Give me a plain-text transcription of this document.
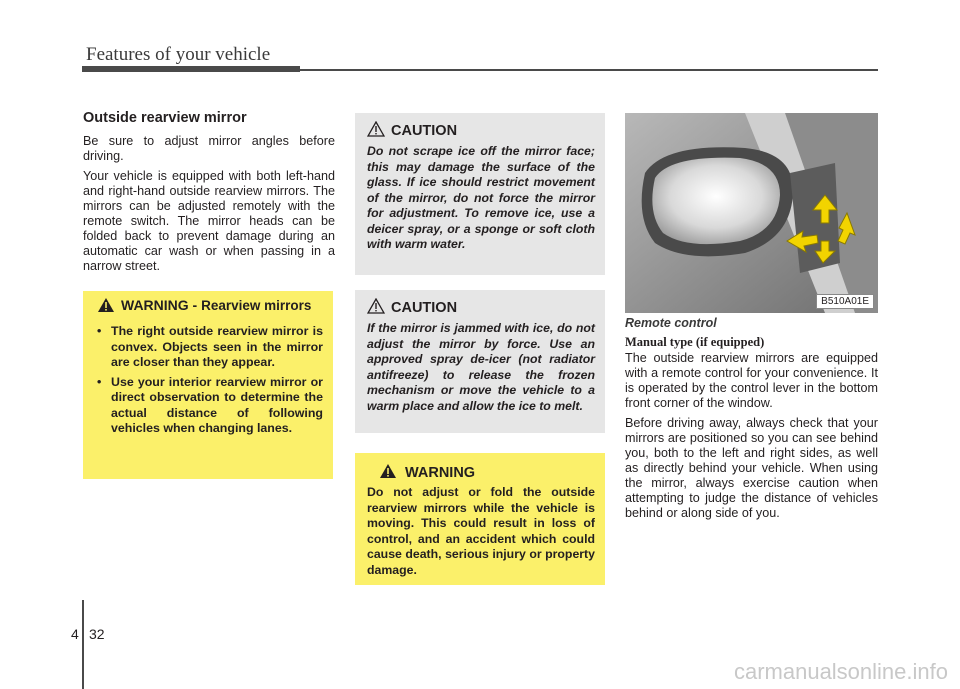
Features of your vehicle

Outside rearview mirror

Be sure to adjust mirror angles before driving.

Your vehicle is equipped with both left-hand and right-hand outside rearview mirrors. The mirrors can be adjusted remotely with the remote switch. The mirror heads can be folded back to prevent damage during an automatic car wash or when passing in a narrow street.

WARNING - Rearview mirrors
• The right outside rearview mirror is convex. Objects seen in the mirror are closer than they appear.
• Use your interior rearview mirror or direct observation to determine the actual distance of following vehicles when changing lanes.
CAUTION
Do not scrape ice off the mirror face; this may damage the surface of the glass. If ice should restrict movement of the mirror, do not force the mirror for adjustment. To remove ice, use a deicer spray, or a sponge or soft cloth with warm water.
CAUTION
If the mirror is jammed with ice, do not adjust the mirror by force. Use an approved spray de-icer (not radiator antifreeze) to release the frozen mechanism or move the vehicle to a warm place and allow the ice to melt.
WARNING
Do not adjust or fold the outside rearview mirrors while the vehicle is moving. This could result in loss of control, and an accident which could cause death, serious injury or property damage.
B510A01E

Remote control

Manual type (if equipped)

The outside rearview mirrors are equipped with a remote control for your convenience. It is operated by the control lever in the bottom front corner of the window.

Before driving away, always check that your mirrors are positioned so you can see behind you, both to the left and right sides, as well as directly behind your vehicle. When using the mirror, always exercise caution when attempting to judge the distance of vehicles behind or along side of you.

4 32
carmanualsonline.info
